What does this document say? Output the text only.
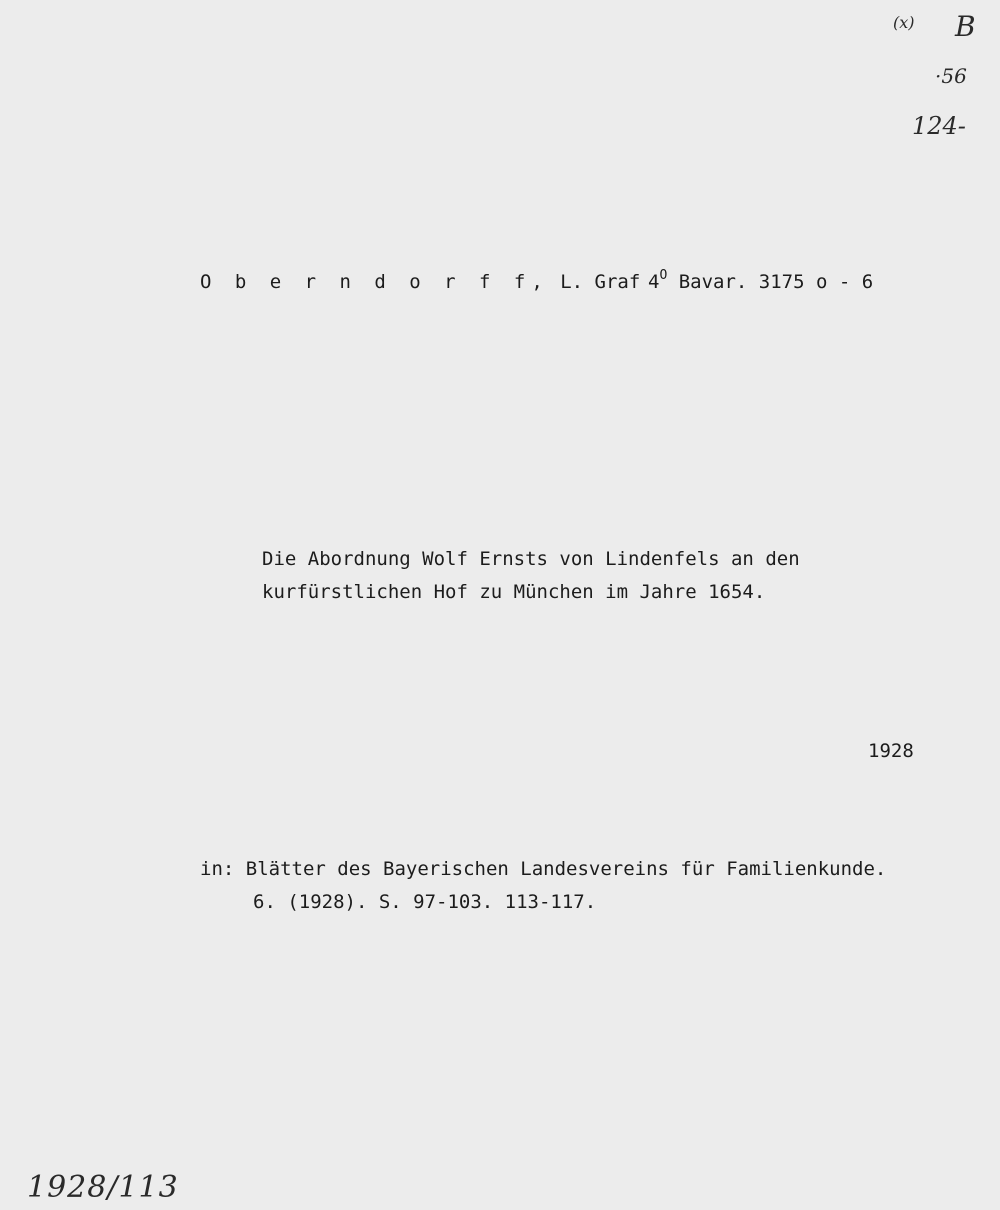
(x) B
·56
124-
O b e r n d o r f f, L. Graf $4^O$ Bavar. 3175 o - 6
Die Abordnung Wolf Ernsts von Lindenfels an den
kurfürstlichen Hof zu München im Jahre 1654.
1928
in: Blätter des Bayerischen Landesvereins für Familienkunde.
6. (1928). S. 97-103. 113-117.
1928/113
